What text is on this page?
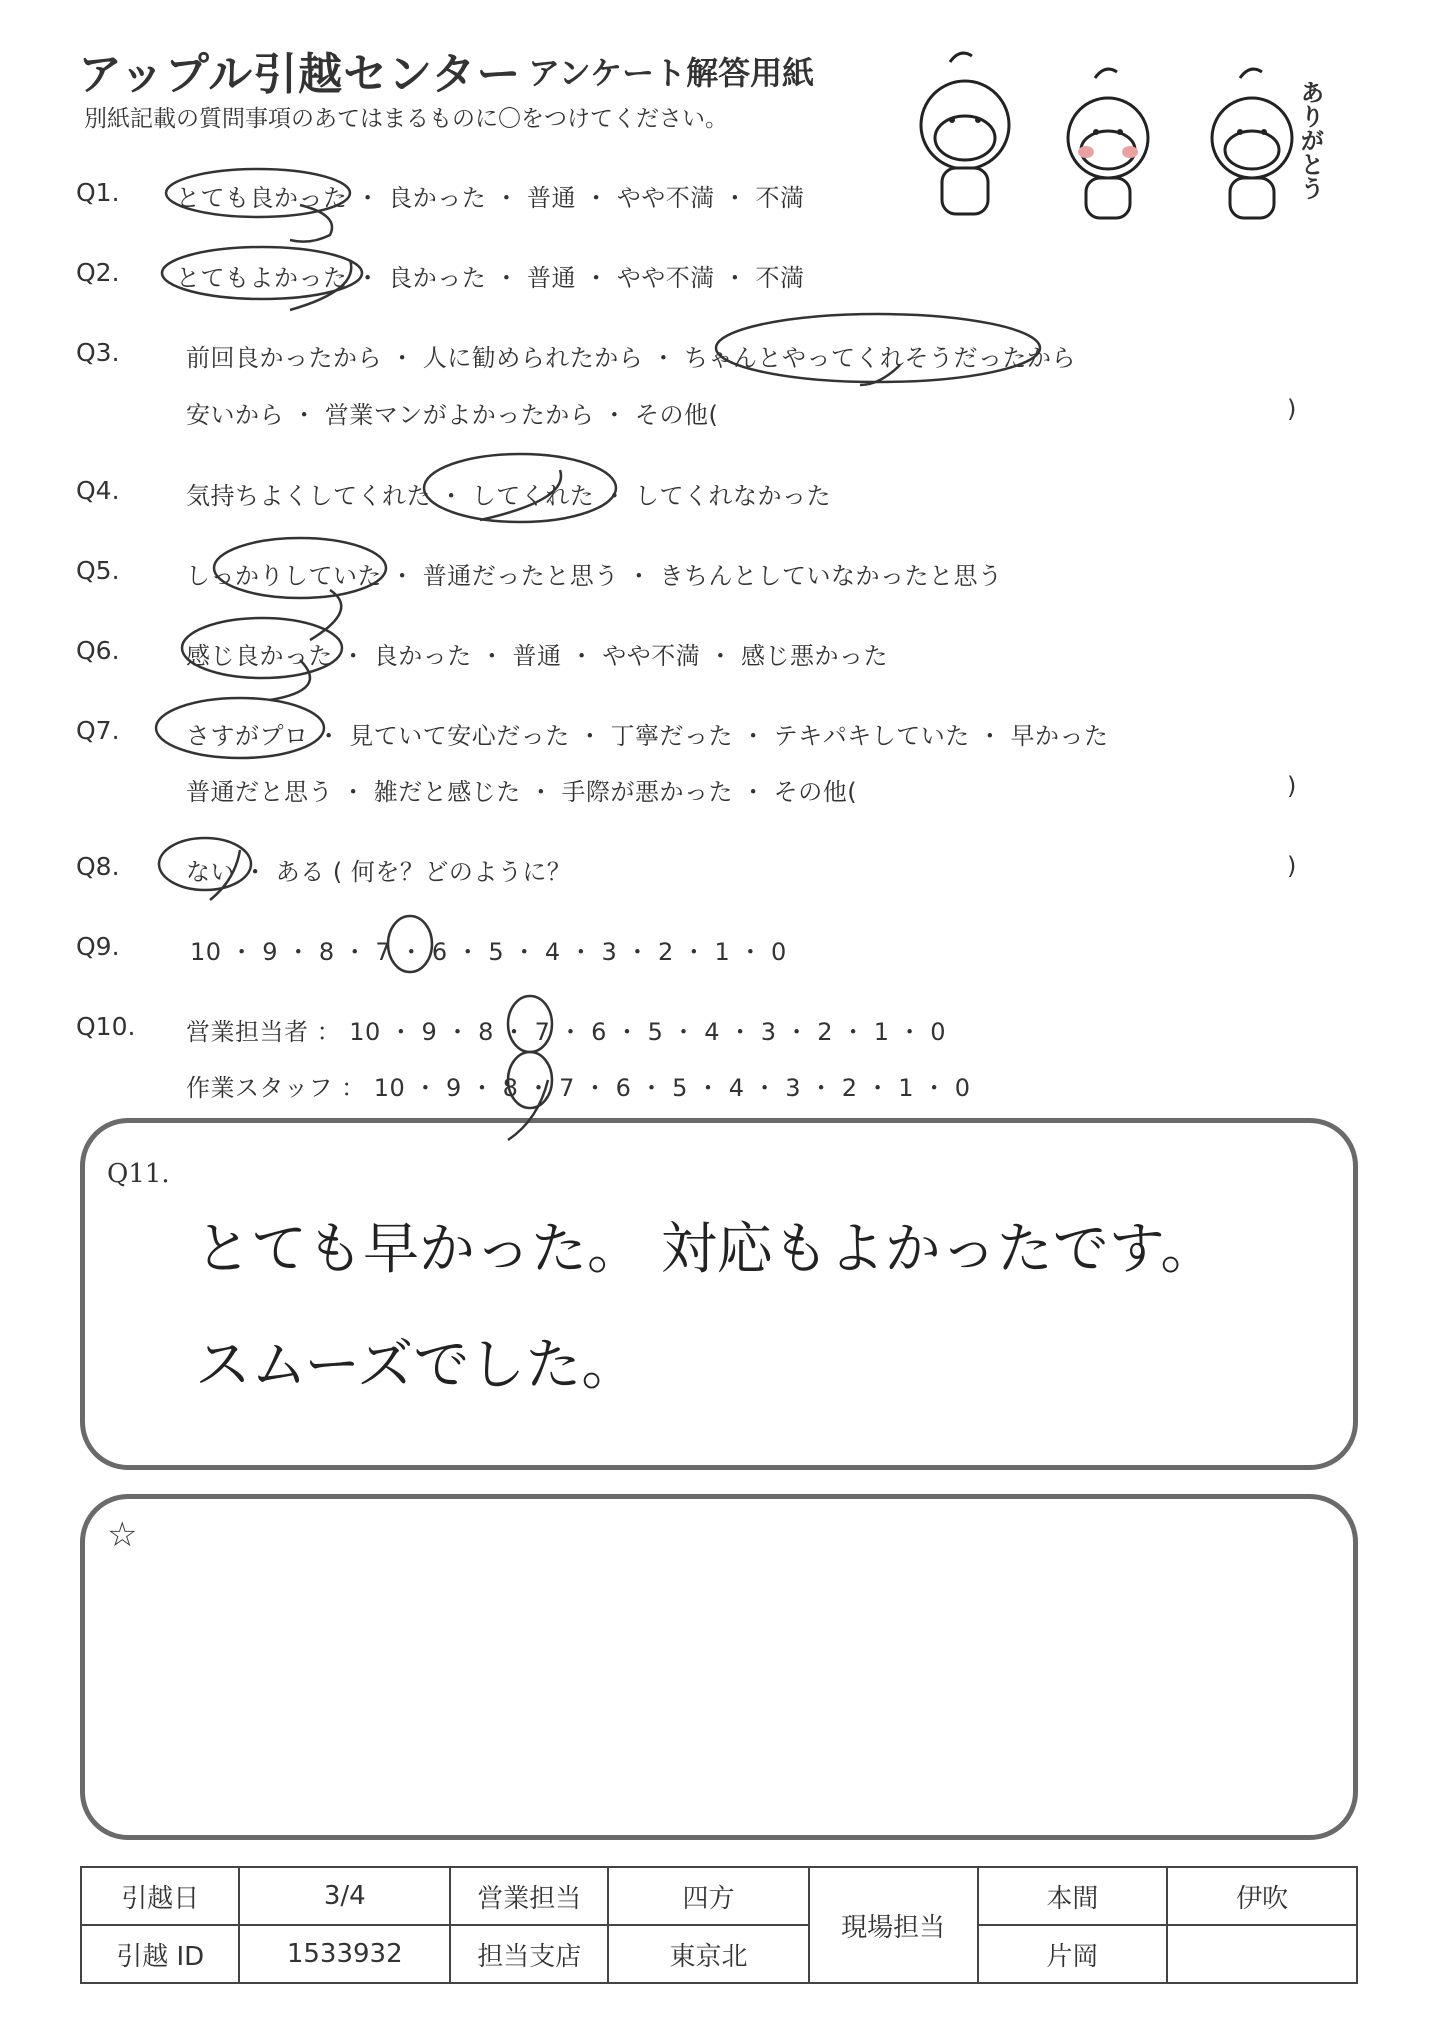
アップル引越センター アンケート解答用紙
別紙記載の質問事項のあてはまるものに〇をつけてください。	ありがとう
Q1. とても良かった ・ 良かった ・ 普通 ・ やや不満 ・ 不満
Q2. とてもよかった ・ 良かった ・ 普通 ・ やや不満 ・ 不満
Q3.	前回良かったから ・ 人に勧められたから ・ ちゃんとやってくれそうだったから
安いから ・ 営業マンがよかったから ・ その他(	)
Q4.	気持ちよくしてくれた ・ してくれた ・ してくれなかった
Q5.	しっかりしていた ・ 普通だったと思う ・ きちんとしていなかったと思う
Q6.	感じ良かった ・ 良かった ・ 普通 ・ やや不満 ・ 感じ悪かった
Q7.	さすがプロ ・ 見ていて安心だった ・ 丁寧だった ・ テキパキしていた ・ 早かった
普通だと思う ・ 雑だと感じた ・ 手際が悪かった ・ その他(	)
Q8.	ない ・ ある ( 何を？どのように？	)
Q9.	10 ・ 9 ・ 8 ・ 7 ・ 6 ・ 5 ・ 4 ・ 3 ・ 2 ・ 1 ・ 0
Q10. 営業担当者 ： 10 ・ 9 ・ 8 ・ 7 ・ 6 ・ 5 ・ 4 ・ 3 ・ 2 ・ 1 ・ 0
作業スタッフ ： 10 ・ 9 ・ 8 ・ 7 ・ 6 ・ 5 ・ 4 ・ 3 ・ 2 ・ 1 ・ 0
Q11.
とても早かった。 対応もよかったです。
スムーズでした。
☆
引越日	3/4	営業担当	四方	現場担当	本間	伊吹
引越 ID	1533932	担当支店	東京北		片岡	
